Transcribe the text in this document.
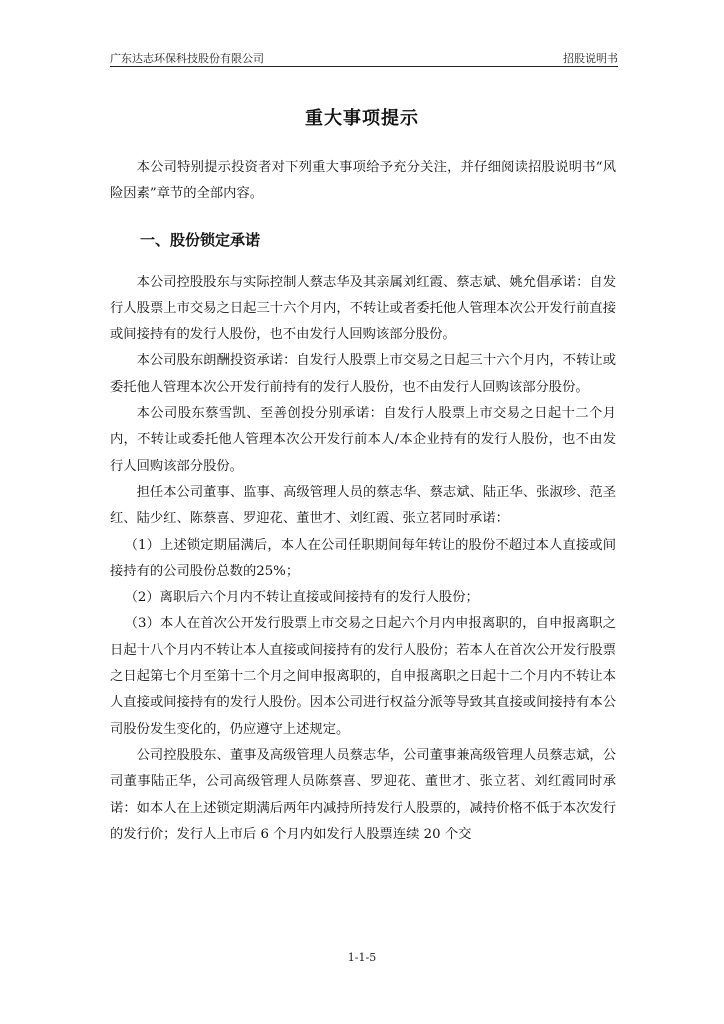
广东达志环保科技股份有限公司	招股说明书
重大事项提示

本公司特别提示投资者对下列重大事项给予充分关注，并仔细阅读招股说明书“风险因素”章节的全部内容。

一、股份锁定承诺

本公司控股股东与实际控制人蔡志华及其亲属刘红霞、蔡志斌、姚允倡承诺：自发行人股票上市交易之日起三十六个月内，不转让或者委托他人管理本次公开发行前直接或间接持有的发行人股份，也不由发行人回购该部分股份。

本公司股东朗酬投资承诺：自发行人股票上市交易之日起三十六个月内，不转让或委托他人管理本次公开发行前持有的发行人股份，也不由发行人回购该部分股份。

本公司股东蔡雪凯、至善创投分别承诺：自发行人股票上市交易之日起十二个月内，不转让或委托他人管理本次公开发行前本人/本企业持有的发行人股份，也不由发行人回购该部分股份。

担任本公司董事、监事、高级管理人员的蔡志华、蔡志斌、陆正华、张淑珍、范圣红、陆少红、陈蔡喜、罗迎花、董世才、刘红霞、张立茗同时承诺：

（1）上述锁定期届满后，本人在公司任职期间每年转让的股份不超过本人直接或间接持有的公司股份总数的25%；

（2）离职后六个月内不转让直接或间接持有的发行人股份；

（3）本人在首次公开发行股票上市交易之日起六个月内申报离职的，自申报离职之日起十八个月内不转让本人直接或间接持有的发行人股份；若本人在首次公开发行股票之日起第七个月至第十二个月之间申报离职的，自申报离职之日起十二个月内不转让本人直接或间接持有的发行人股份。因本公司进行权益分派等导致其直接或间接持有本公司股份发生变化的，仍应遵守上述规定。

公司控股股东、董事及高级管理人员蔡志华，公司董事兼高级管理人员蔡志斌，公司董事陆正华，公司高级管理人员陈蔡喜、罗迎花、董世才、张立茗、刘红霞同时承诺：如本人在上述锁定期满后两年内减持所持发行人股票的，减持价格不低于本次发行的发行价；发行人上市后 6 个月内如发行人股票连续 20 个交

1-1-5
